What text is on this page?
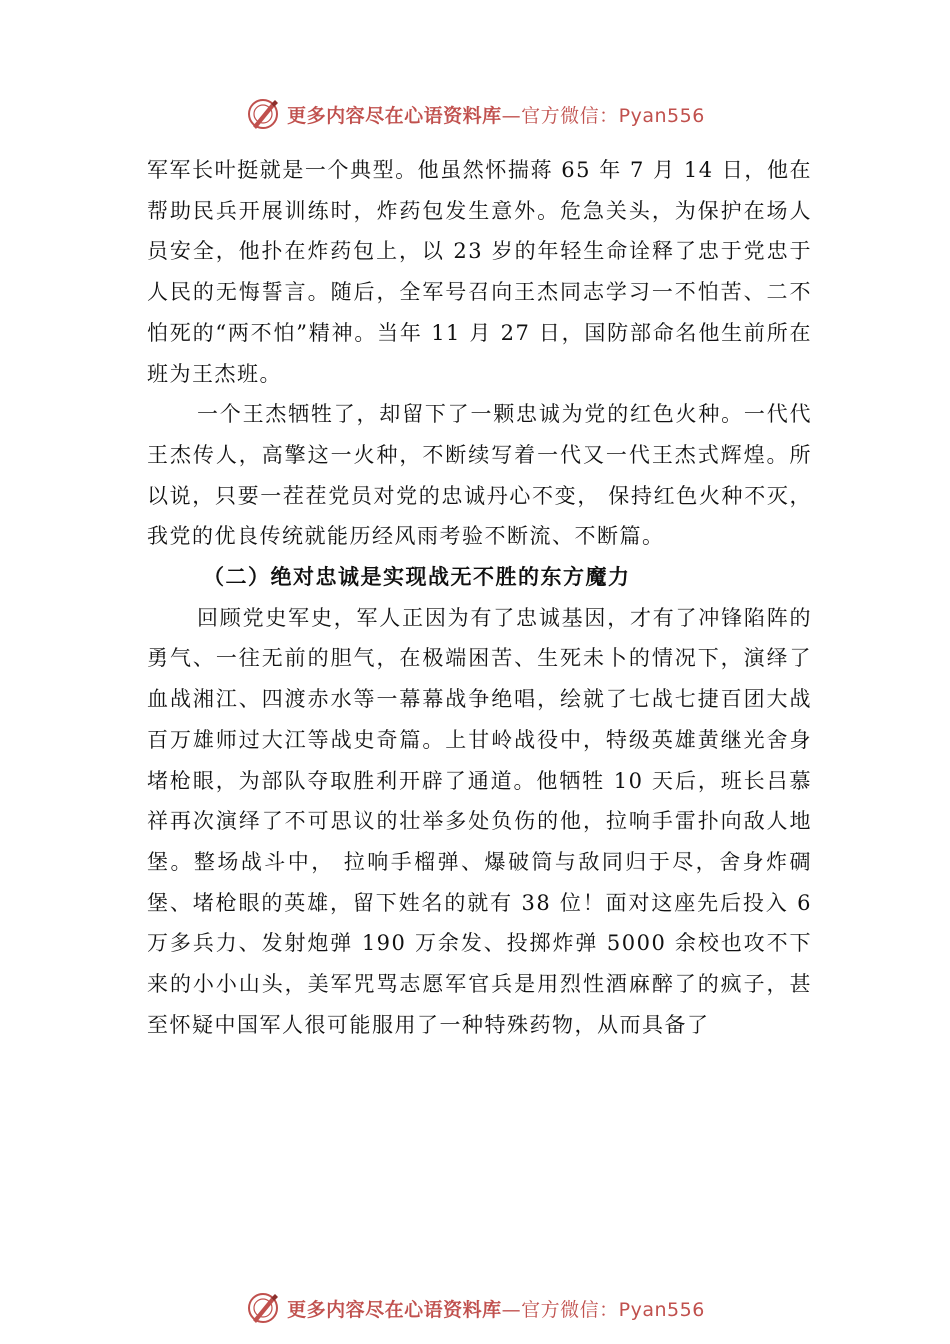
更多内容尽在心语资料库 —官方微信：Pyan556

军军长叶挺就是一个典型。他虽然怀揣蒋 65 年 7 月 14 日，他在帮助民兵开展训练时，炸药包发生意外。危急关头，为保护在场人员安全，他扑在炸药包上，以 23 岁的年轻生命诠释了忠于党忠于人民的无悔誓言。随后，全军号召向王杰同志学习一不怕苦、二不怕死的“两不怕”精神。当年 11 月 27 日，国防部命名他生前所在班为王杰班。

一个王杰牺牲了，却留下了一颗忠诚为党的红色火种。一代代王杰传人，高擎这一火种，不断续写着一代又一代王杰式辉煌。所以说，只要一茬茬党员对党的忠诚丹心不变， 保持红色火种不灭，我党的优良传统就能历经风雨考验不断流、不断篇。

（二）绝对忠诚是实现战无不胜的东方魔力

回顾党史军史，军人正因为有了忠诚基因，才有了冲锋陷阵的勇气、一往无前的胆气，在极端困苦、生死未卜的情况下，演绎了血战湘江、四渡赤水等一幕幕战争绝唱，绘就了七战七捷百团大战百万雄师过大江等战史奇篇。上甘岭战役中，特级英雄黄继光舍身堵枪眼，为部队夺取胜利开辟了通道。他牺牲 10 天后，班长吕慕祥再次演绎了不可思议的壮举多处负伤的他，拉响手雷扑向敌人地堡。整场战斗中， 拉响手榴弹、爆破筒与敌同归于尽，舍身炸碉堡、堵枪眼的英雄，留下姓名的就有 38 位！面对这座先后投入 6 万多兵力、发射炮弹 190 万余发、投掷炸弹 5000 余校也攻不下来的小小山头，美军咒骂志愿军官兵是用烈性酒麻醉了的疯子，甚至怀疑中国军人很可能服用了一种特殊药物，从而具备了

更多内容尽在心语资料库 —官方微信：Pyan556
